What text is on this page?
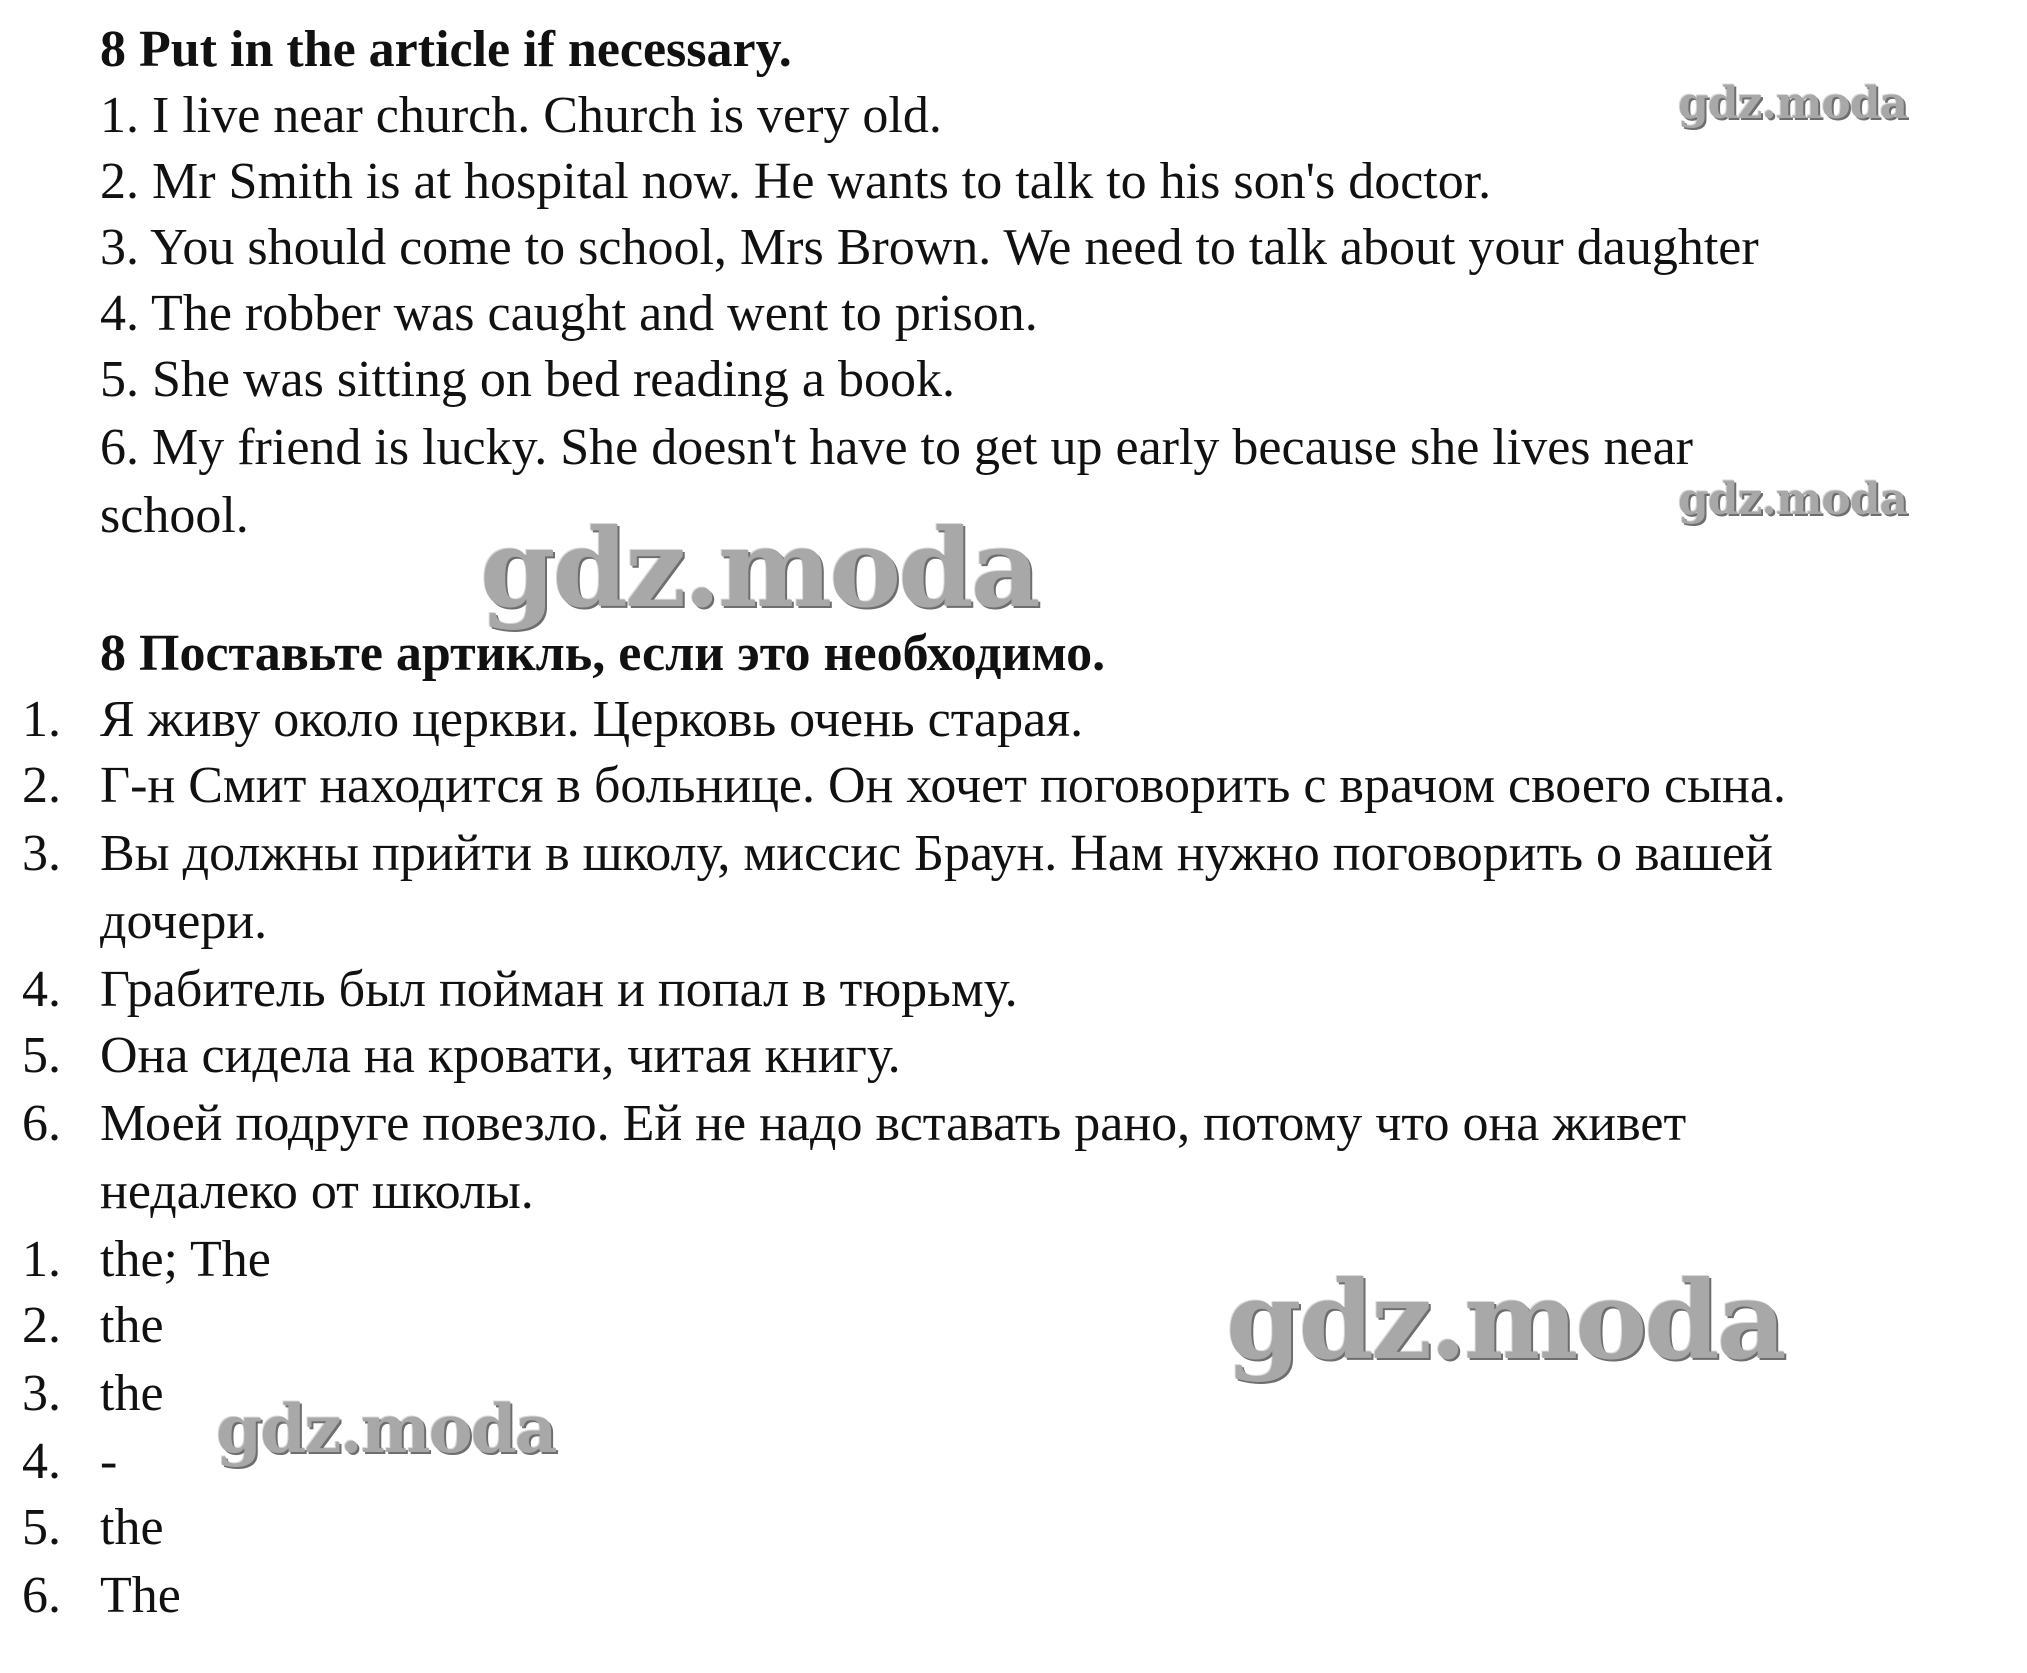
8 Put in the article if necessary.
1. I live near church. Church is very old.
2. Mr Smith is at hospital now. He wants to talk to his son's doctor.
3. You should come to school, Mrs Brown. We need to talk about your daughter
4. The robber was caught and went to prison.
5. She was sitting on bed reading a book.
6. My friend is lucky. She doesn't have to get up early because she lives near
school.
8 Поставьте артикль, если это необходимо.
1. Я живу около церкви. Церковь очень старая.
2. Г-н Смит находится в больнице. Он хочет поговорить с врачом своего сына.
3. Вы должны прийти в школу, миссис Браун. Нам нужно поговорить о вашей
дочери.
4. Грабитель был пойман и попал в тюрьму.
5. Она сидела на кровати, читая книгу.
6. Моей подруге повезло. Ей не надо вставать рано, потому что она живет
недалеко от школы.
1. the; The
2. the
3. the
4. -
5. the
6. The
gdz.moda
gdz.moda
gdz.moda
gdz.moda
gdz.moda
